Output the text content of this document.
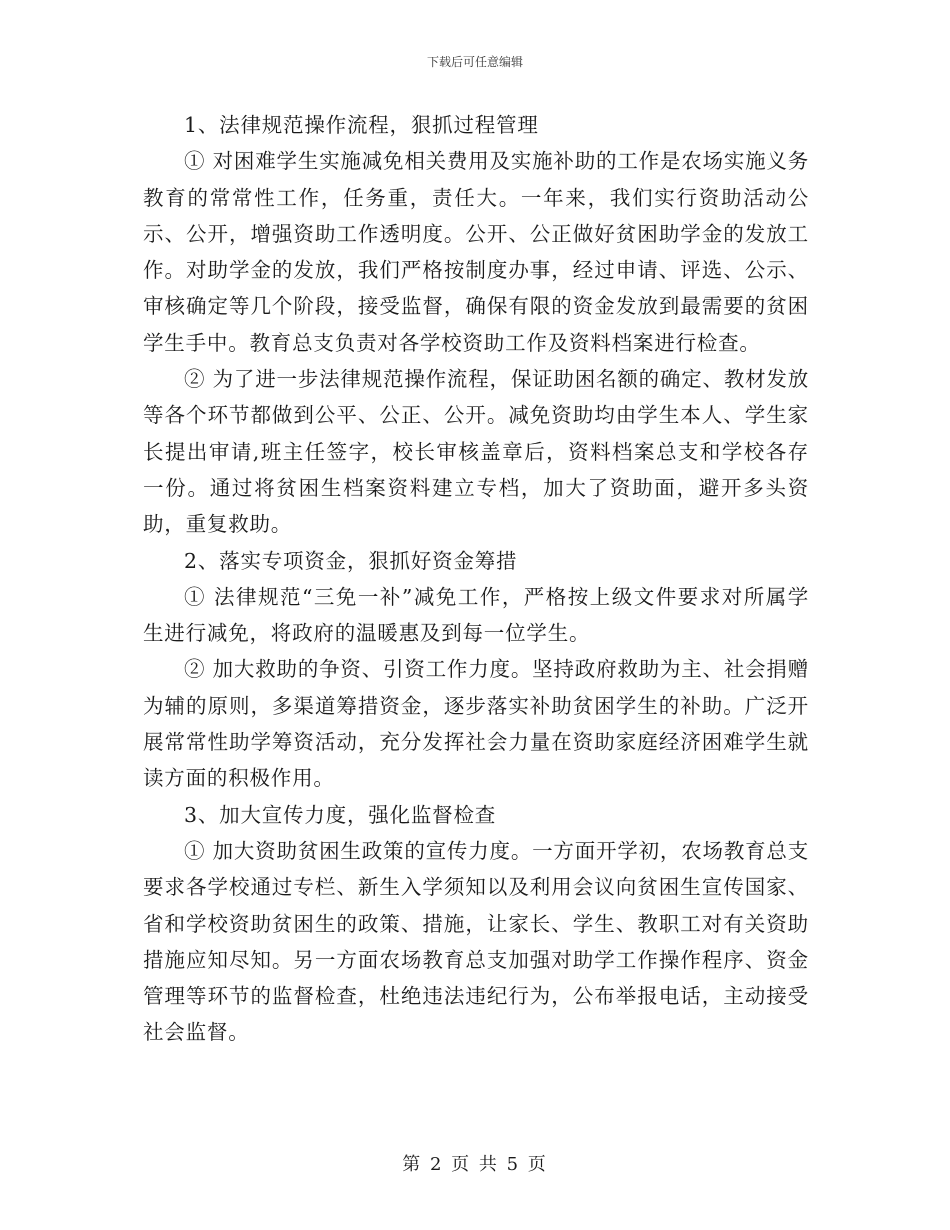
下载后可任意编辑

1、法律规范操作流程，狠抓过程管理

① 对困难学生实施减免相关费用及实施补助的工作是农场实施义务教育的常常性工作，任务重，责任大。一年来，我们实行资助活动公示、公开，增强资助工作透明度。公开、公正做好贫困助学金的发放工作。对助学金的发放，我们严格按制度办事，经过申请、评选、公示、审核确定等几个阶段，接受监督，确保有限的资金发放到最需要的贫困学生手中。教育总支负责对各学校资助工作及资料档案进行检查。

② 为了进一步法律规范操作流程，保证助困名额的确定、教材发放等各个环节都做到公平、公正、公开。减免资助均由学生本人、学生家长提出审请,班主任签字，校长审核盖章后，资料档案总支和学校各存一份。通过将贫困生档案资料建立专档，加大了资助面，避开多头资助，重复救助。

2、落实专项资金，狠抓好资金筹措

① 法律规范“三免一补”减免工作，严格按上级文件要求对所属学生进行减免，将政府的温暖惠及到每一位学生。

② 加大救助的争资、引资工作力度。坚持政府救助为主、社会捐赠为辅的原则，多渠道筹措资金，逐步落实补助贫困学生的补助。广泛开展常常性助学筹资活动，充分发挥社会力量在资助家庭经济困难学生就读方面的积极作用。

3、加大宣传力度，强化监督检查

① 加大资助贫困生政策的宣传力度。一方面开学初，农场教育总支要求各学校通过专栏、新生入学须知以及利用会议向贫困生宣传国家、省和学校资助贫困生的政策、措施，让家长、学生、教职工对有关资助措施应知尽知。另一方面农场教育总支加强对助学工作操作程序、资金管理等环节的监督检查，杜绝违法违纪行为，公布举报电话，主动接受社会监督。

第 2 页 共 5 页
